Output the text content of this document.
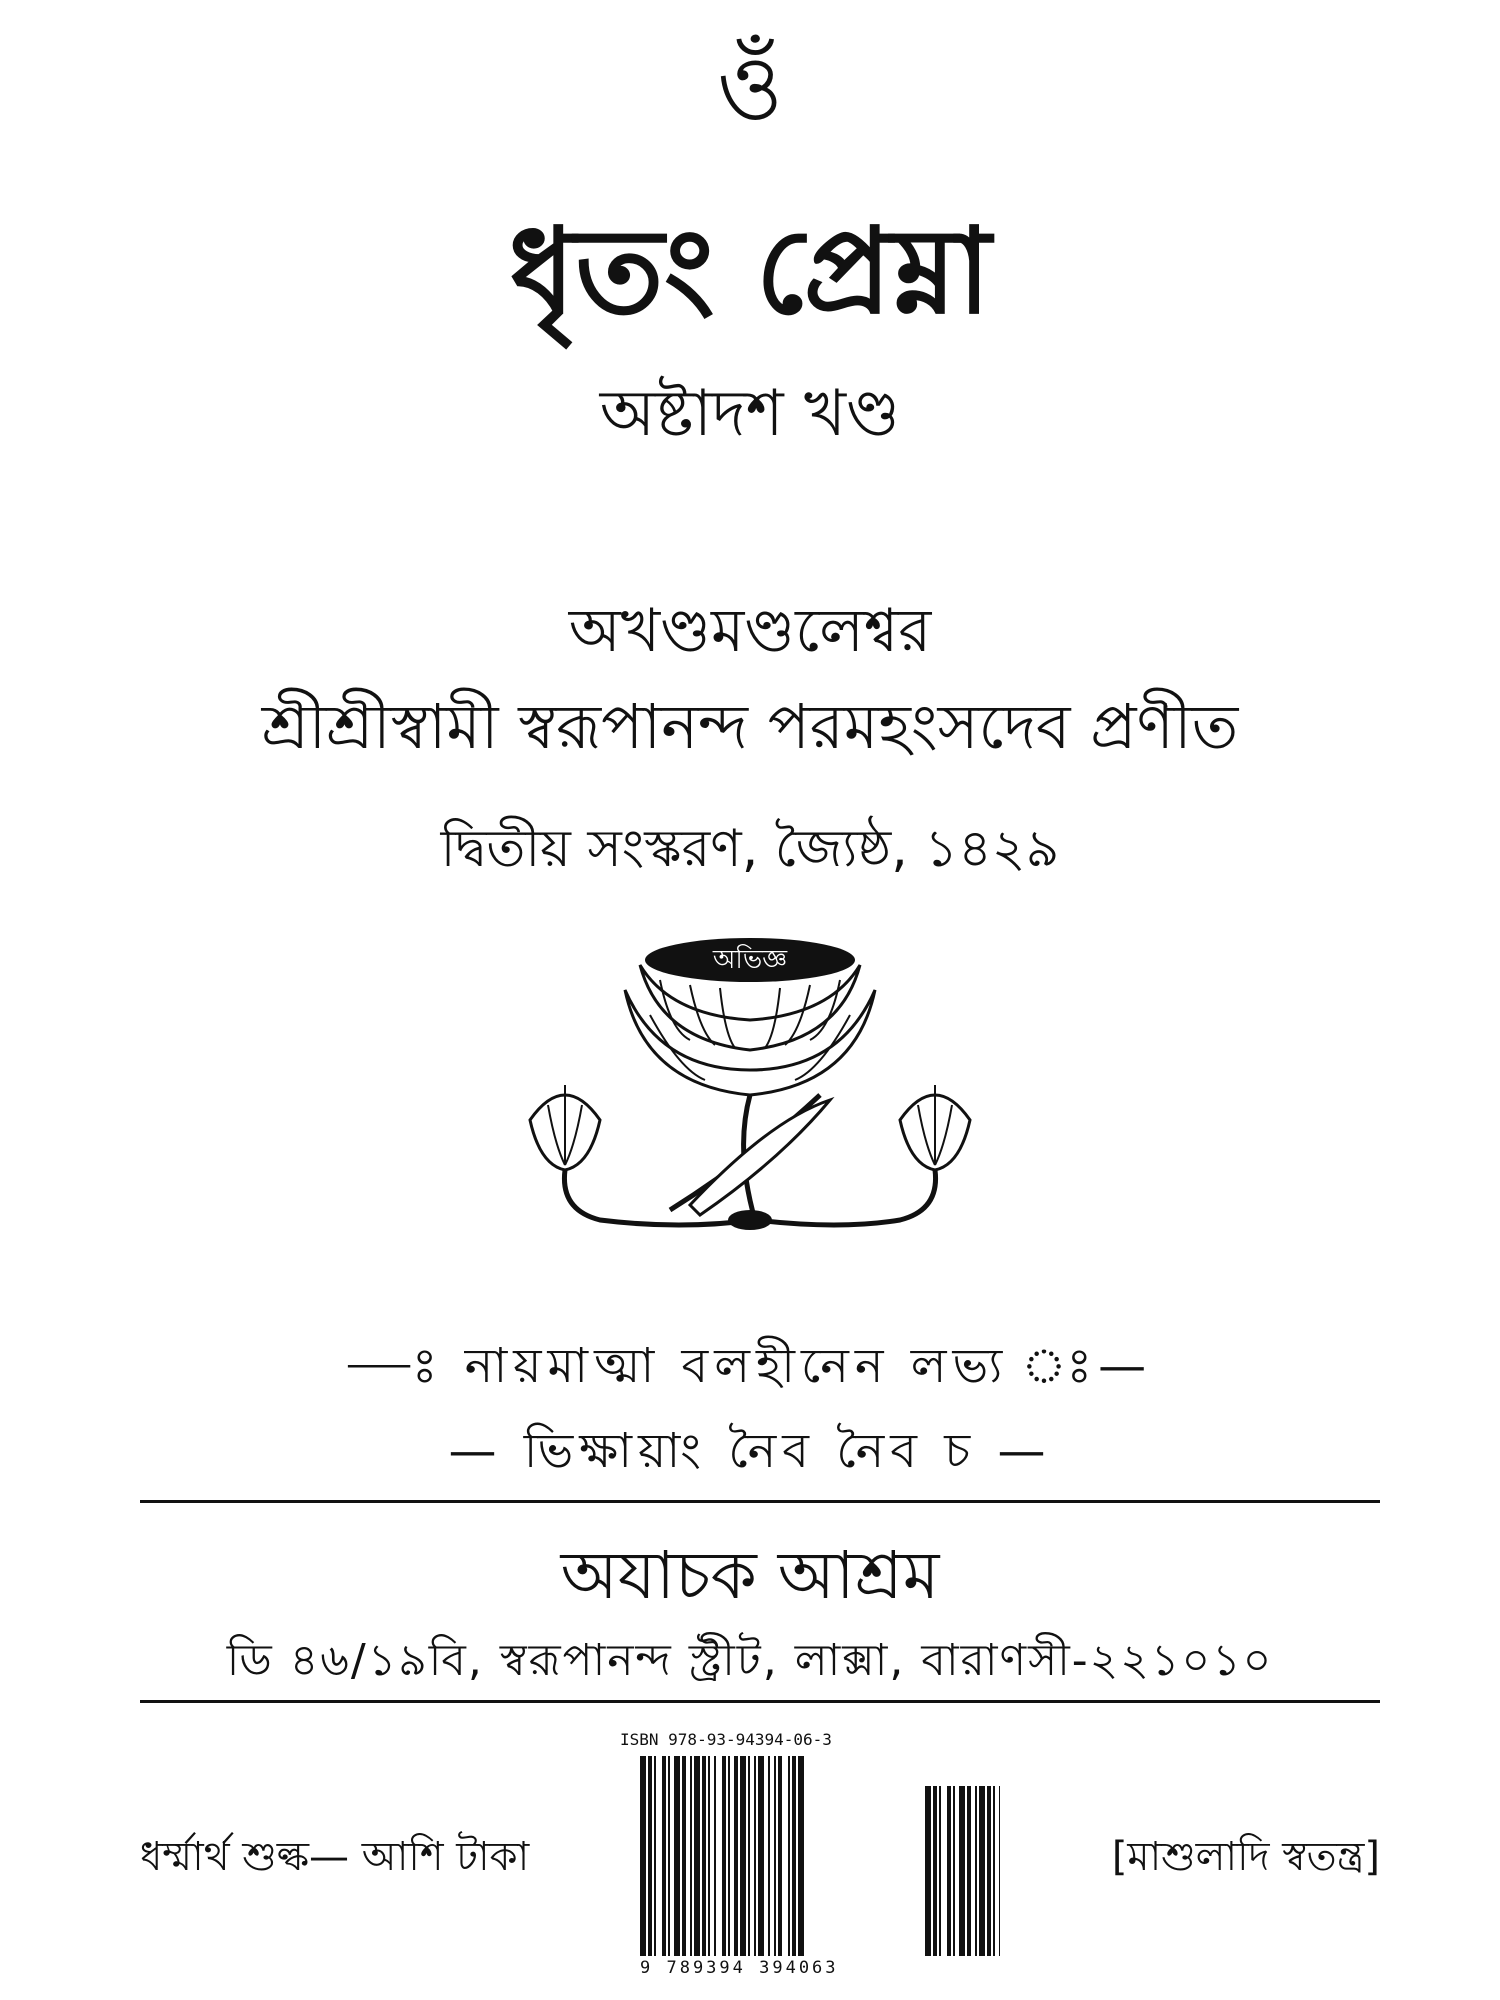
ওঁ
ধৃতং প্রেম্না
অষ্টাদশ খণ্ড
অখণ্ডমণ্ডলেশ্বর
শ্রীশ্রীস্বামী স্বরূপানন্দ পরমহংসদেব প্রণীত
দ্বিতীয় সংস্করণ, জ্যৈষ্ঠ, ১৪২৯
অভিজ্ঞ
—ঃ নায়মাত্মা বলহীনেন লভ্য ঃ—
— ভিক্ষায়াং নৈব নৈব চ —
অযাচক আশ্রম
ডি ৪৬/১৯বি, স্বরূপানন্দ স্ট্রীট, লাক্সা, বারাণসী-২২১০১০
ধর্ম্মার্থ শুল্ক— আশি টাকা
ISBN 978-93-94394-06-3
9 789394 394063
[মাশুলাদি স্বতন্ত্র]
